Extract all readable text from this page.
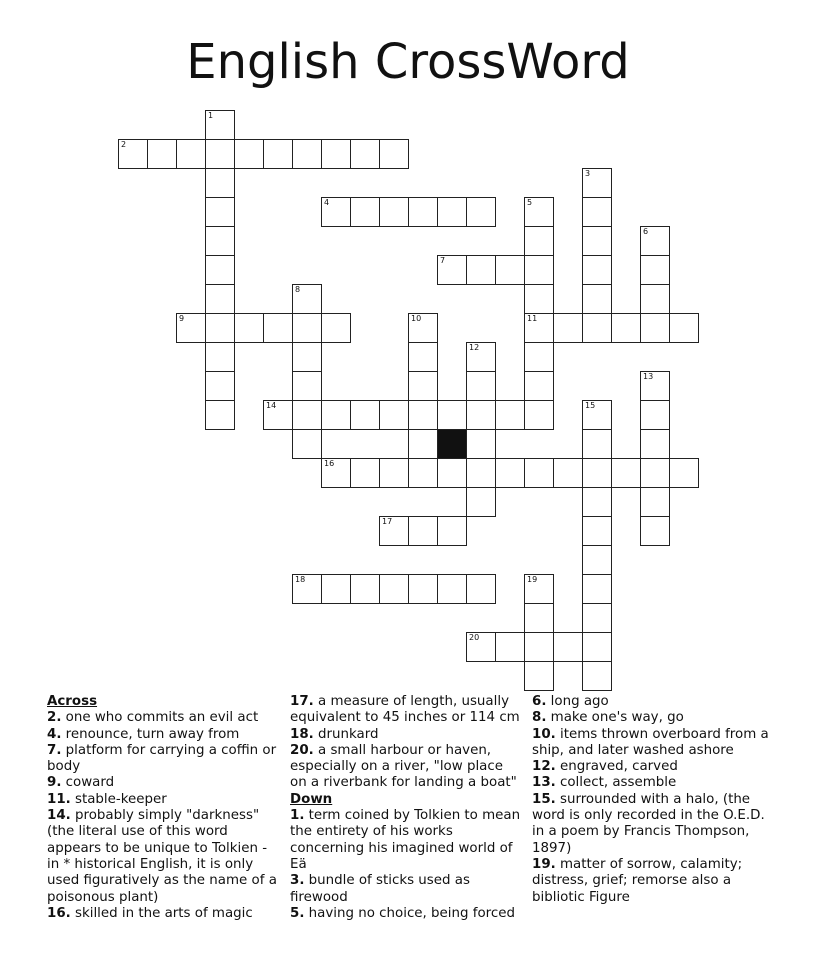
English CrossWord
1
2
3
4	5
11
6
7
8
9	10
12
13
14	15
16
17
18	19
20
Across
2. one who commits an evil act
4. renounce, turn away from
7. platform for carrying a coffin or body
9. coward
11. stable-keeper
14. probably simply "darkness" (the literal use of this word appears to be unique to Tolkien - in * historical English, it is only used figuratively as the name of a poisonous plant)
16. skilled in the arts of magic
17. a measure of length, usually equivalent to 45 inches or 114 cm
18. drunkard
20. a small harbour or haven, especially on a river, "low place on a riverbank for landing a boat"
Down
1. term coined by Tolkien to mean the entirety of his works concerning his imagined world of Eä
3. bundle of sticks used as firewood
5. having no choice, being forced
6. long ago
8. make one's way, go
10. items thrown overboard from a ship, and later washed ashore
12. engraved, carved
13. collect, assemble
15. surrounded with a halo, (the word is only recorded in the O.E.D. in a poem by Francis Thompson, 1897)
19. matter of sorrow, calamity; distress, grief; remorse also a bibliotic Figure
